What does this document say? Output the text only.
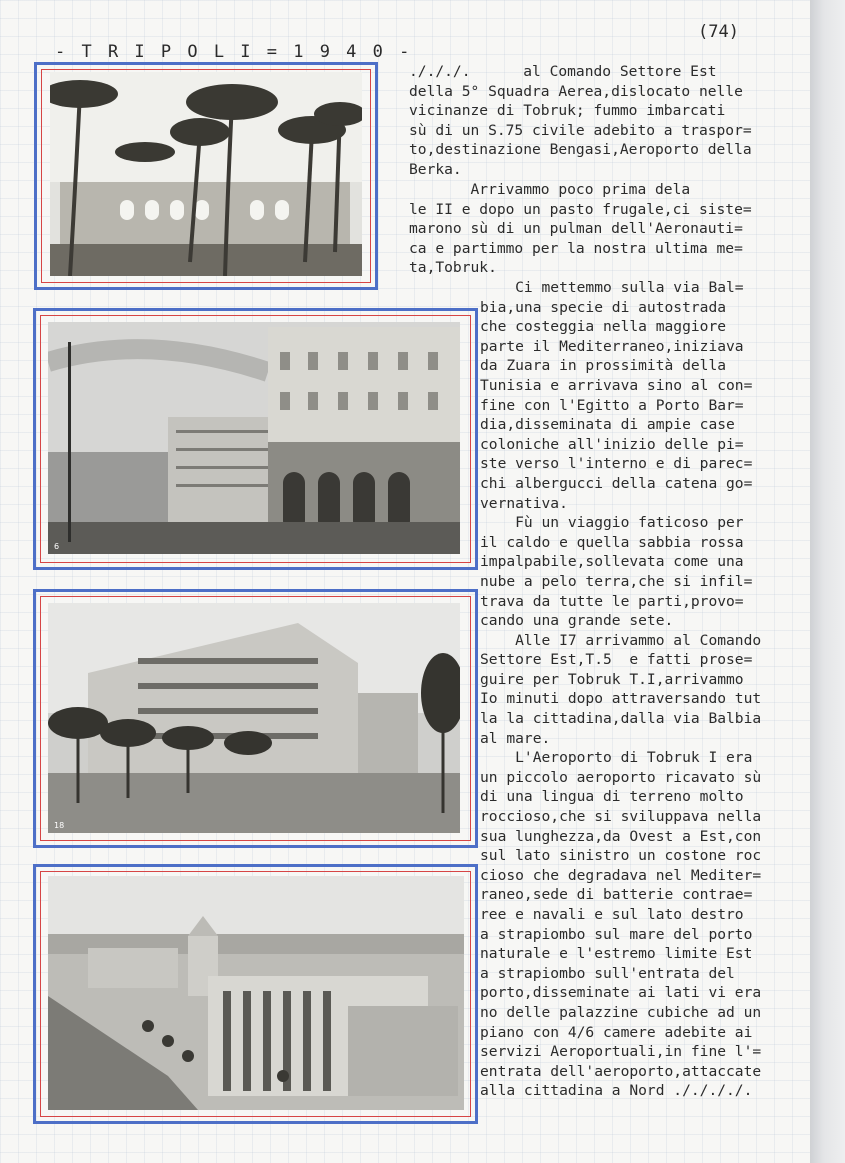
- T R I P O L I = 1 9 4 0 -
(74)
6
18
./././.      al Comando Settore Est
della 5° Squadra Aerea,dislocato nelle
vicinanze di Tobruk; fummo imbarcati
sù di un S.75 civile adebito a traspor=
to,destinazione Bengasi,Aeroporto della
Berka.
Arrivammo poco prima dela
le II e dopo un pasto frugale,ci siste=
marono sù di un pulman dell'Aeronauti=
ca e partimmo per la nostra ultima me=
ta,Tobruk.
Ci mettemmo sulla via Bal=
bia,una specie di autostrada
che costeggia nella maggiore
parte il Mediterraneo,iniziava
da Zuara in prossimità della
Tunisia e arrivava sino al con=
fine con l'Egitto a Porto Bar=
dia,disseminata di ampie case
coloniche all'inizio delle pi=
ste verso l'interno e di parec=
chi albergucci della catena go=
vernativa.
Fù un viaggio faticoso per
il caldo e quella sabbia rossa
impalpabile,sollevata come una
nube a pelo terra,che si infil=
trava da tutte le parti,provo=
cando una grande sete.
Alle I7 arrivammo al Comando
Settore Est,T.5  e fatti prose=
guire per Tobruk T.I,arrivammo
Io minuti dopo attraversando tut
la la cittadina,dalla via Balbia
al mare.
L'Aeroporto di Tobruk I era
un piccolo aeroporto ricavato sù
di una lingua di terreno molto
roccioso,che si sviluppava nella
sua lunghezza,da Ovest a Est,con
sul lato sinistro un costone roc
cioso che degradava nel Mediter=
raneo,sede di batterie contrae=
ree e navali e sul lato destro
a strapiombo sul mare del porto
naturale e l'estremo limite Est
a strapiombo sull'entrata del
porto,disseminate ai lati vi era
no delle palazzine cubiche ad un
piano con 4/6 camere adebite ai
servizi Aeroportuali,in fine l'=
entrata dell'aeroporto,attaccate
alla cittadina a Nord ././././.
